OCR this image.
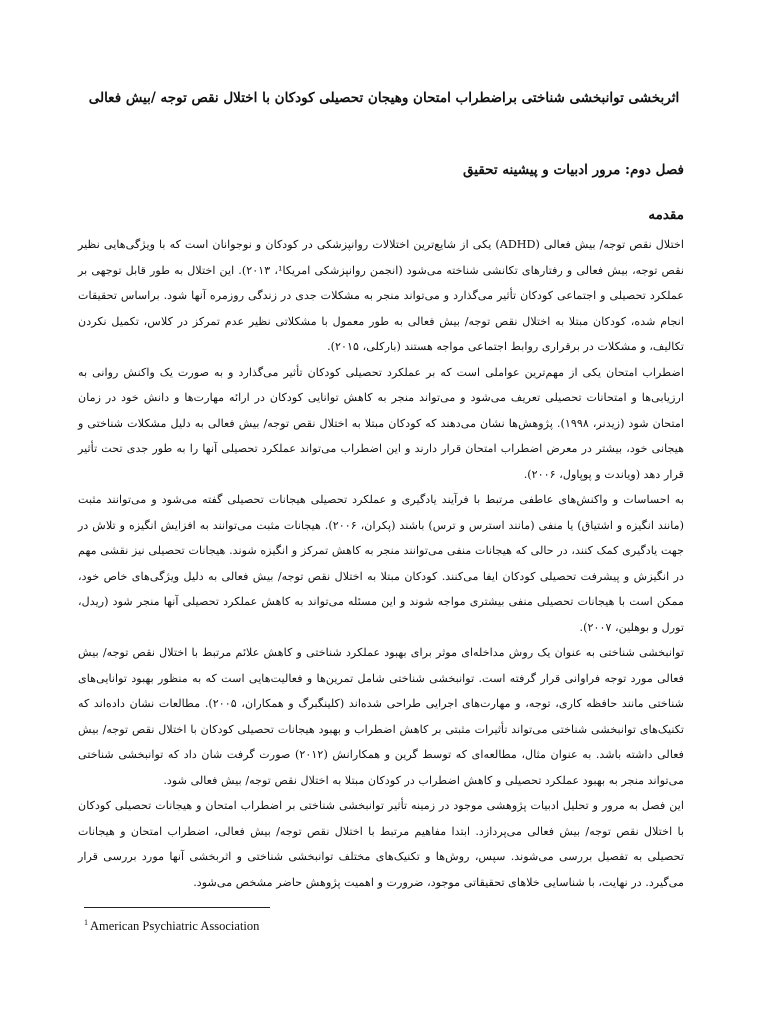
اثربخشی توانبخشی شناختی براضطراب امتحان وهیجان تحصیلی کودکان با اختلال نقص توجه /بیش فعالی
فصل دوم: مرور ادبیات و پیشینه تحقیق
مقدمه

اختلال نقص توجه/ بیش فعالی (ADHD) یکی از شایع‌ترین اختلالات روانپزشکی در کودکان و نوجوانان است که با ویژگی‌هایی نظیر نقص توجه، بیش فعالی و رفتارهای تکانشی شناخته می‌شود (انجمن روانپزشکی امریکا¹، ۲۰۱۳). این اختلال به طور قابل توجهی بر عملکرد تحصیلی و اجتماعی کودکان تأثیر می‌گذارد و می‌تواند منجر به مشکلات جدی در زندگی روزمره آنها شود. براساس تحقیقات انجام شده، کودکان مبتلا به اختلال نقص توجه/ بیش فعالی به طور معمول با مشکلاتی نظیر عدم تمرکز در کلاس، تکمیل نکردن تکالیف، و مشکلات در برقراری روابط اجتماعی مواجه هستند (بارکلی، ۲۰۱۵).

اضطراب امتحان یکی از مهم‌ترین عواملی است که بر عملکرد تحصیلی کودکان تأثیر می‌گذارد و به صورت یک واکنش روانی به ارزیابی‌ها و امتحانات تحصیلی تعریف می‌شود و می‌تواند منجر به کاهش توانایی کودکان در ارائه مهارت‌ها و دانش خود در زمان امتحان شود (زیدنر، ۱۹۹۸). پژوهش‌ها نشان می‌دهند که کودکان مبتلا به اختلال نقص توجه/ بیش فعالی به دلیل مشکلات شناختی و هیجانی خود، بیشتر در معرض اضطراب امتحان قرار دارند و این اضطراب می‌تواند عملکرد تحصیلی آنها را به طور جدی تحت تأثیر قرار دهد (ویاندت و پوپاول، ۲۰۰۶).

به احساسات و واکنش‌های عاطفی مرتبط با فرآیند یادگیری و عملکرد تحصیلی هیجانات تحصیلی گفته می‌شود و می‌توانند مثبت (مانند انگیزه و اشتیاق) یا منفی (مانند استرس و ترس) باشند (پکران، ۲۰۰۶). هیجانات مثبت می‌توانند به افزایش انگیزه و تلاش در جهت یادگیری کمک کنند، در حالی که هیجانات منفی می‌توانند منجر به کاهش تمرکز و انگیزه شوند. هیجانات تحصیلی نیز نقشی مهم در انگیزش و پیشرفت تحصیلی کودکان ایفا می‌کنند. کودکان مبتلا به اختلال نقص توجه/ بیش فعالی به دلیل ویژگی‌های خاص خود، ممکن است با هیجانات تحصیلی منفی بیشتری مواجه شوند و این مسئله می‌تواند به کاهش عملکرد تحصیلی آنها منجر شود (ریدل، تورل و بوهلین، ۲۰۰۷).

توانبخشی شناختی به عنوان یک روش مداخله‌ای موثر برای بهبود عملکرد شناختی و کاهش علائم مرتبط با اختلال نقص توجه/ بیش فعالی مورد توجه فراوانی قرار گرفته است. توانبخشی شناختی شامل تمرین‌ها و فعالیت‌هایی است که به منظور بهبود توانایی‌های شناختی مانند حافظه کاری، توجه، و مهارت‌های اجرایی طراحی شده‌اند (کلینگبرگ و همکاران، ۲۰۰۵). مطالعات نشان داده‌اند که تکنیک‌های توانبخشی شناختی می‌تواند تأثیرات مثبتی بر کاهش اضطراب و بهبود هیجانات تحصیلی کودکان با اختلال نقص توجه/ بیش فعالی داشته باشد. به عنوان مثال، مطالعه‌ای که توسط گرین و همکارانش (۲۰۱۲) صورت گرفت شان داد که توانبخشی شناختی می‌تواند منجر به بهبود عملکرد تحصیلی و کاهش اضطراب در کودکان مبتلا به اختلال نقص توجه/ بیش فعالی شود.

این فصل به مرور و تحلیل ادبیات پژوهشی موجود در زمینه تأثیر توانبخشی شناختی بر اضطراب امتحان و هیجانات تحصیلی کودکان با اختلال نقص توجه/ بیش فعالی می‌پردازد. ابتدا مفاهیم مرتبط با اختلال نقص توجه/ بیش فعالی، اضطراب امتحان و هیجانات تحصیلی به تفصیل بررسی می‌شوند. سپس، روش‌ها و تکنیک‌های مختلف توانبخشی شناختی و اثربخشی آنها مورد بررسی قرار می‌گیرد. در نهایت، با شناسایی خلاهای تحقیقاتی موجود، ضرورت و اهمیت پژوهش حاضر مشخص می‌شود.

$^1$ American Psychiatric Association
